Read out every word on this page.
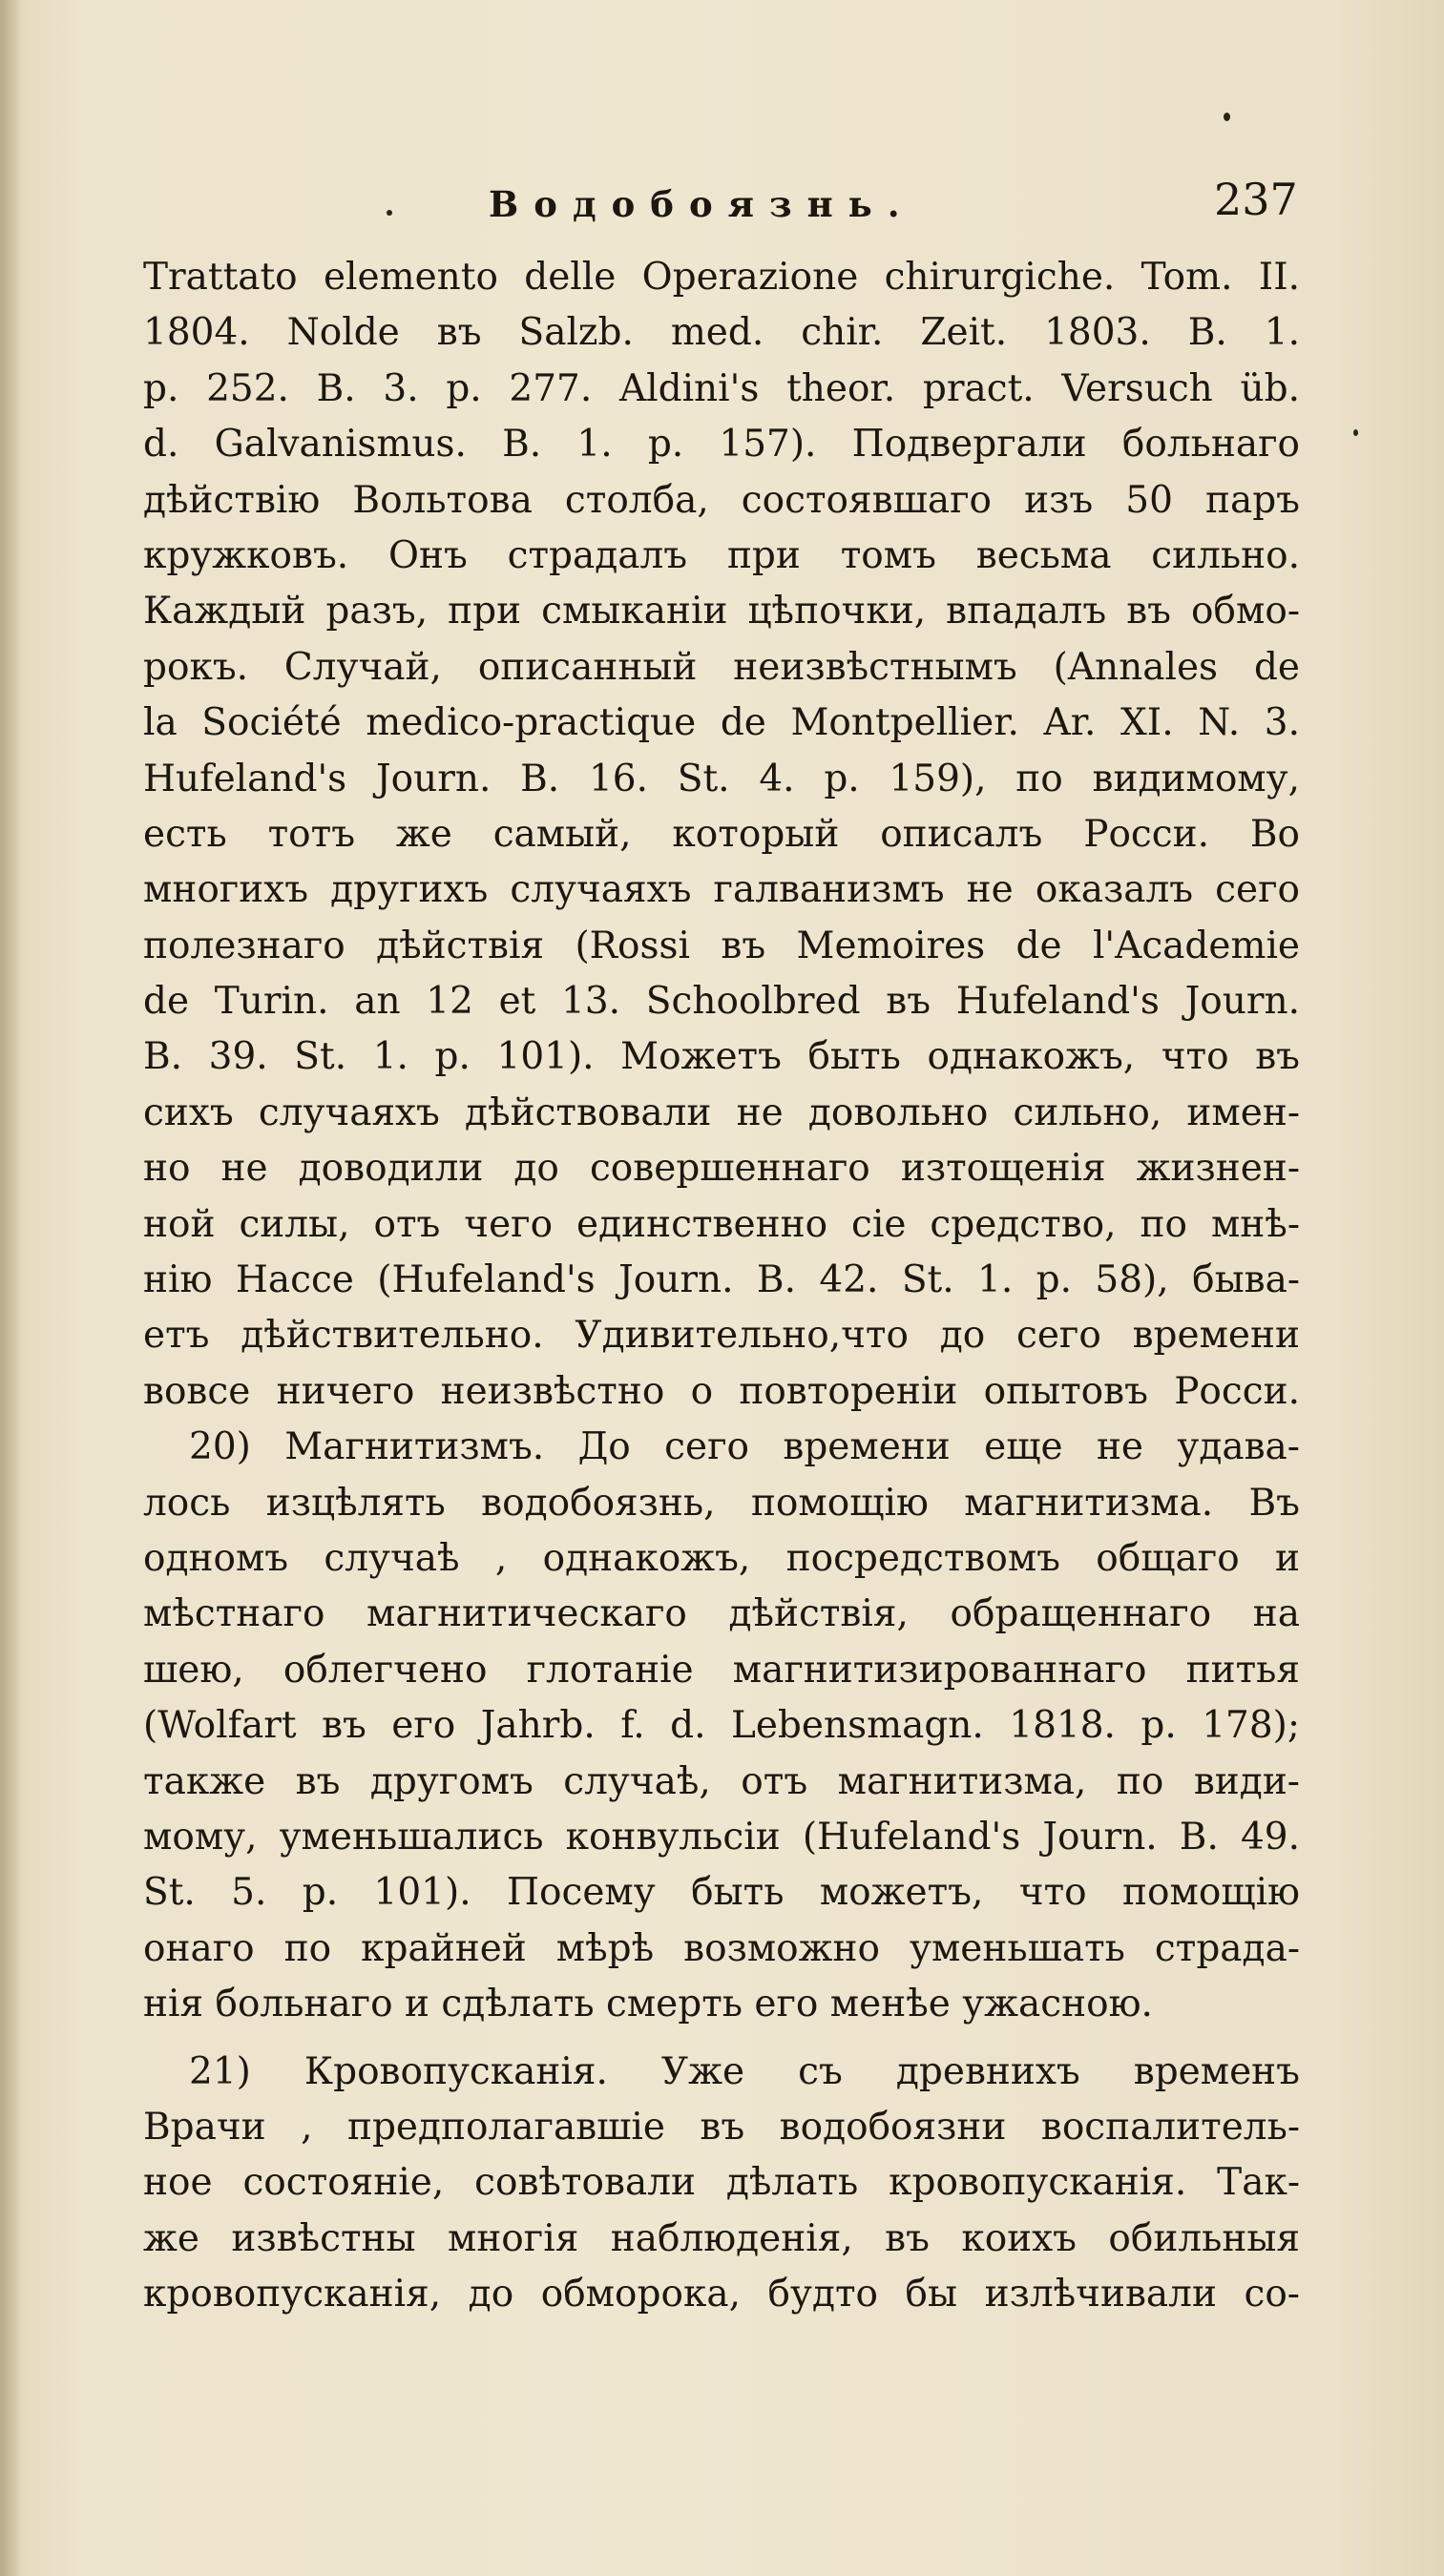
Водобоязнь.	237
Trattato elemento delle Operazione chirurgiche. Tom. II.
1804. Nolde въ Salzb. med. chir. Zeit. 1803. B. 1.
p. 252. B. 3. p. 277. Aldini's theor. pract. Versuch üb.
d. Galvanismus. B. 1. p. 157). Подвергали больнаго
дѣйствію Вольтова столба, состоявшаго изъ 50 паръ
кружковъ. Онъ страдалъ при томъ весьма сильно.
Каждый разъ, при смыканіи цѣпочки, впадалъ въ обмо-
рокъ. Случай, описанный неизвѣстнымъ (Annales de
la Société medico-practique de Montpellier. Ar. XI. N. 3.
Hufeland's Journ. B. 16. St. 4. p. 159), по видимому,
есть тотъ же самый, который описалъ Росси. Во
многихъ другихъ случаяхъ галванизмъ не оказалъ сего
полезнаго дѣйствія (Rossi въ Memoires de l'Academie
de Turin. an 12 et 13. Schoolbred въ Hufeland's Journ.
B. 39. St. 1. p. 101). Можетъ быть однакожъ, что въ
сихъ случаяхъ дѣйствовали не довольно сильно, имен-
но не доводили до совершеннаго изтощенія жизнен-
ной силы, отъ чего единственно сіе средство, по мнѣ-
нію Нассе (Hufeland's Journ. B. 42. St. 1. p. 58), бывa-
етъ дѣйствительно. Удивительно,что до сего времени
вовсе ничего неизвѣстно о повтореніи опытовъ Росси.
20) Магнитизмъ. До сего времени еще не удава-
лось изцѣлять водобоязнь, помощію магнитизма. Въ
одномъ случаѣ , однакожъ, посредствомъ общаго и
мѣстнаго магнитическаго дѣйствія, обращеннаго на
шею, облегчено глотаніе магнитизированнаго питья
(Wolfart въ его Jahrb. f. d. Lebensmagn. 1818. p. 178);
также въ другомъ случаѣ, отъ магнитизма, по види-
мому, уменьшались конвульсіи (Hufeland's Journ. B. 49.
St. 5. p. 101). Посему быть можетъ, что помощію
онаго по крайней мѣрѣ возможно уменьшать страда-
нія больнаго и сдѣлать смерть его менѣе ужасною.
21) Кровопусканія. Уже съ древнихъ временъ
Врачи , предполагавшіе въ водобоязни воспалитель-
ное состояніе, совѣтовали дѣлать кровопусканія. Так-
же извѣстны многія наблюденія, въ коихъ обильныя
кровопусканія, до обморока, будто бы излѣчивали со-
